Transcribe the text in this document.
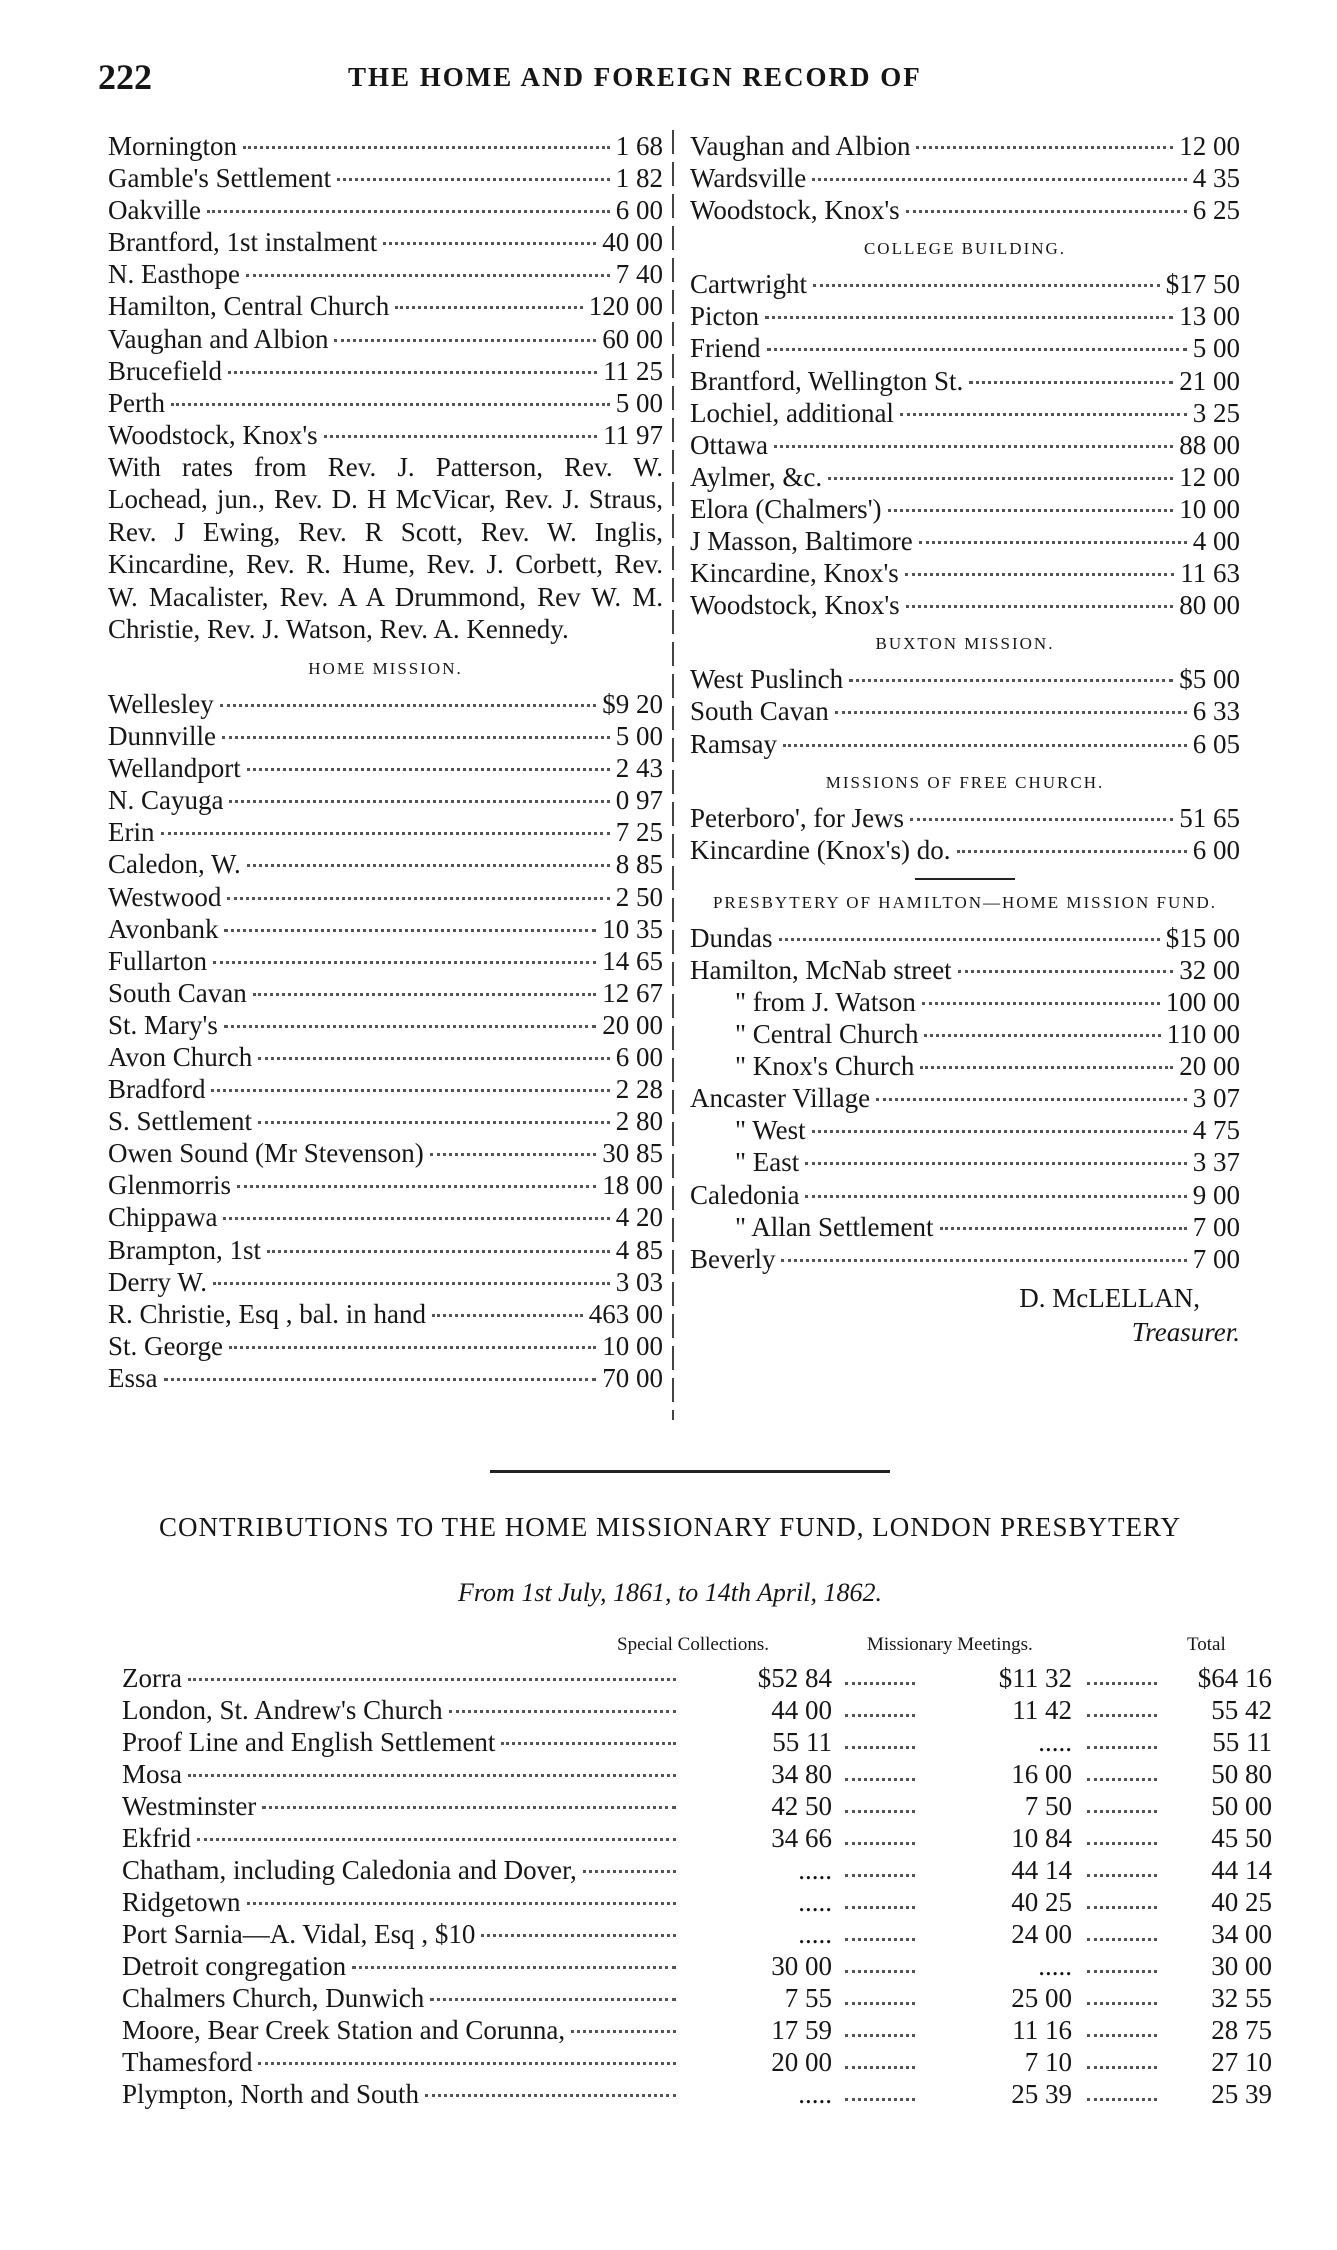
222	THE HOME AND FOREIGN RECORD OF
Mornington	1 68
Gamble's Settlement	1 82
Oakville	6 00
Brantford, 1st instalment	40 00
N. Easthope	7 40
Hamilton, Central Church	120 00
Vaughan and Albion	60 00
Brucefield	11 25
Perth	5 00
Woodstock, Knox's	11 97

With rates from Rev. J. Patterson, Rev. W. Lochead, jun., Rev. D. H McVicar, Rev. J. Straus, Rev. J Ewing, Rev. R Scott, Rev. W. Inglis, Kincardine, Rev. R. Hume, Rev. J. Corbett, Rev. W. Macalister, Rev. A A Drummond, Rev W. M. Christie, Rev. J. Watson, Rev. A. Kennedy.

HOME MISSION.
Wellesley	$9 20
Dunnville	5 00
Wellandport	2 43
N. Cayuga	0 97
Erin	7 25
Caledon, W.	8 85
Westwood	2 50
Avonbank	10 35
Fullarton	14 65
South Cavan	12 67
St. Mary's	20 00
Avon Church	6 00
Bradford	2 28
S. Settlement	2 80
Owen Sound (Mr Stevenson)	30 85
Glenmorris	18 00
Chippawa	4 20
Brampton, 1st	4 85
Derry W.	3 03
R. Christie, Esq , bal. in hand	463 00
St. George	10 00
Essa	70 00
Vaughan and Albion	12 00
Wardsville	4 35
Woodstock, Knox's	6 25
COLLEGE BUILDING.
Cartwright	$17 50
Picton	13 00
Friend	5 00
Brantford, Wellington St.	21 00
Lochiel, additional	3 25
Ottawa	88 00
Aylmer, &c.	12 00
Elora (Chalmers')	10 00
J Masson, Baltimore	4 00
Kincardine, Knox's	11 63
Woodstock, Knox's	80 00
BUXTON MISSION.
West Puslinch	$5 00
South Cavan	6 33
Ramsay	6 05
MISSIONS OF FREE CHURCH.
Peterboro', for Jews	51 65
Kincardine (Knox's) do.	6 00
PRESBYTERY OF HAMILTON—HOME MISSION FUND.
Dundas	$15 00
Hamilton, McNab street	32 00
" from J. Watson	100 00
" Central Church	110 00
" Knox's Church	20 00
Ancaster Village	3 07
" West	4 75
" East	3 37
Caledonia	9 00
" Allan Settlement	7 00
Beverly	7 00
D. McLELLAN,
Treasurer.
CONTRIBUTIONS TO THE HOME MISSIONARY FUND, LONDON PRESBYTERY
From 1st July, 1861, to 14th April, 1862.
Special Collections.	Missionary Meetings.	Total
Zorra	$52 84	$11 32	$64 16
London, St. Andrew's Church	44 00	11 42	55 42
Proof Line and English Settlement	55 11	.....	55 11
Mosa	34 80	16 00	50 80
Westminster	42 50	7 50	50 00
Ekfrid	34 66	10 84	45 50
Chatham, including Caledonia and Dover,	.....	44 14	44 14
Ridgetown	.....	40 25	40 25
Port Sarnia—A. Vidal, Esq , $10	.....	24 00	34 00
Detroit congregation	30 00	.....	30 00
Chalmers Church, Dunwich	7 55	25 00	32 55
Moore, Bear Creek Station and Corunna,	17 59	11 16	28 75
Thamesford	20 00	7 10	27 10
Plympton, North and South	.....	25 39	25 39
